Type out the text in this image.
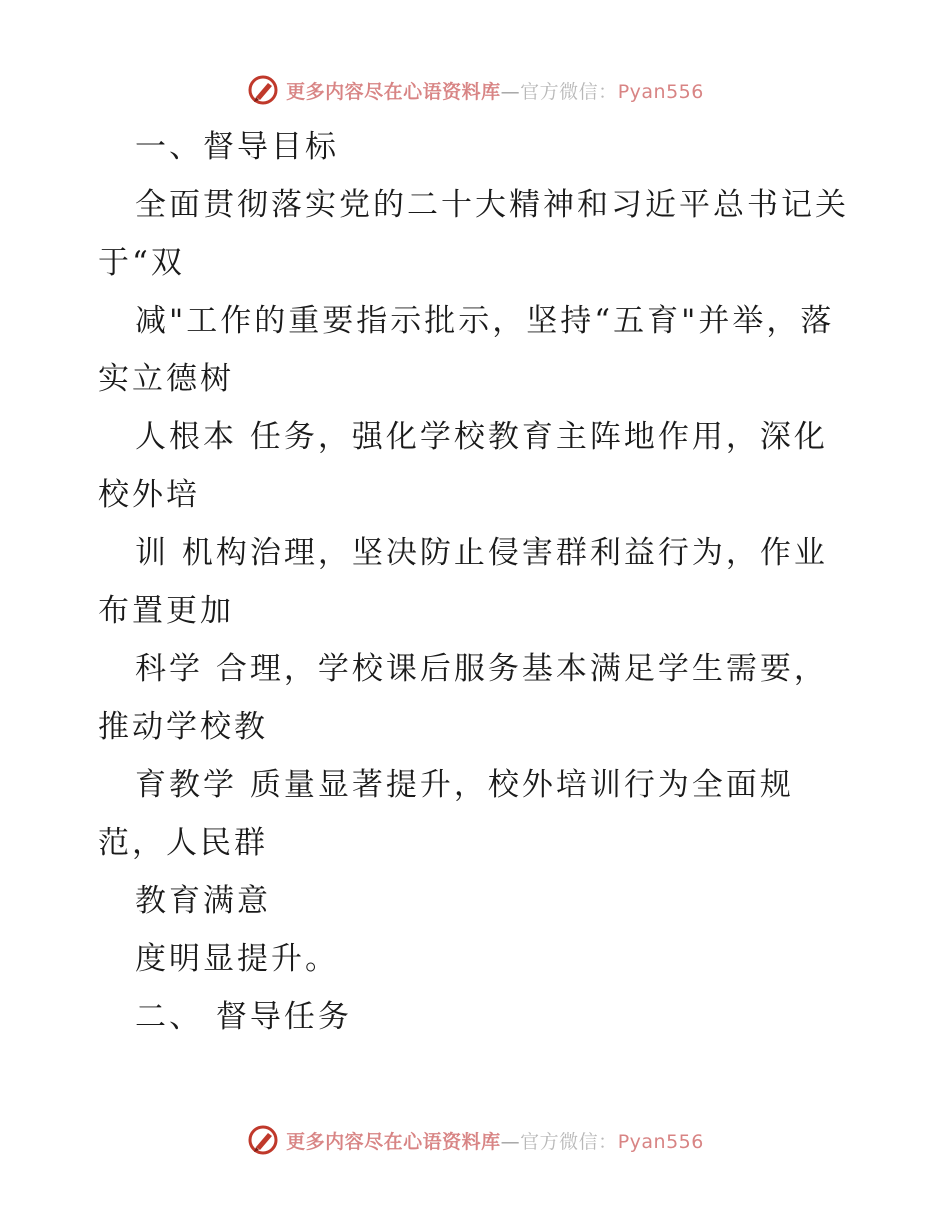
更多内容尽在心语资料库—官方微信：Pyan556
一、督导目标
全面贯彻落实党的二十大精神和习近平总书记关
于“双
减"工作的重要指示批示，坚持“五育"并举，落
实立德树
人根本 任务，强化学校教育主阵地作用，深化
校外培
训 机构治理，坚决防止侵害群利益行为，作业
布置更加
科学 合理，学校课后服务基本满足学生需要，
推动学校教
育教学 质量显著提升，校外培训行为全面规
范，人民群
教育满意
度明显提升。
二、 督导任务
更多内容尽在心语资料库—官方微信：Pyan556
